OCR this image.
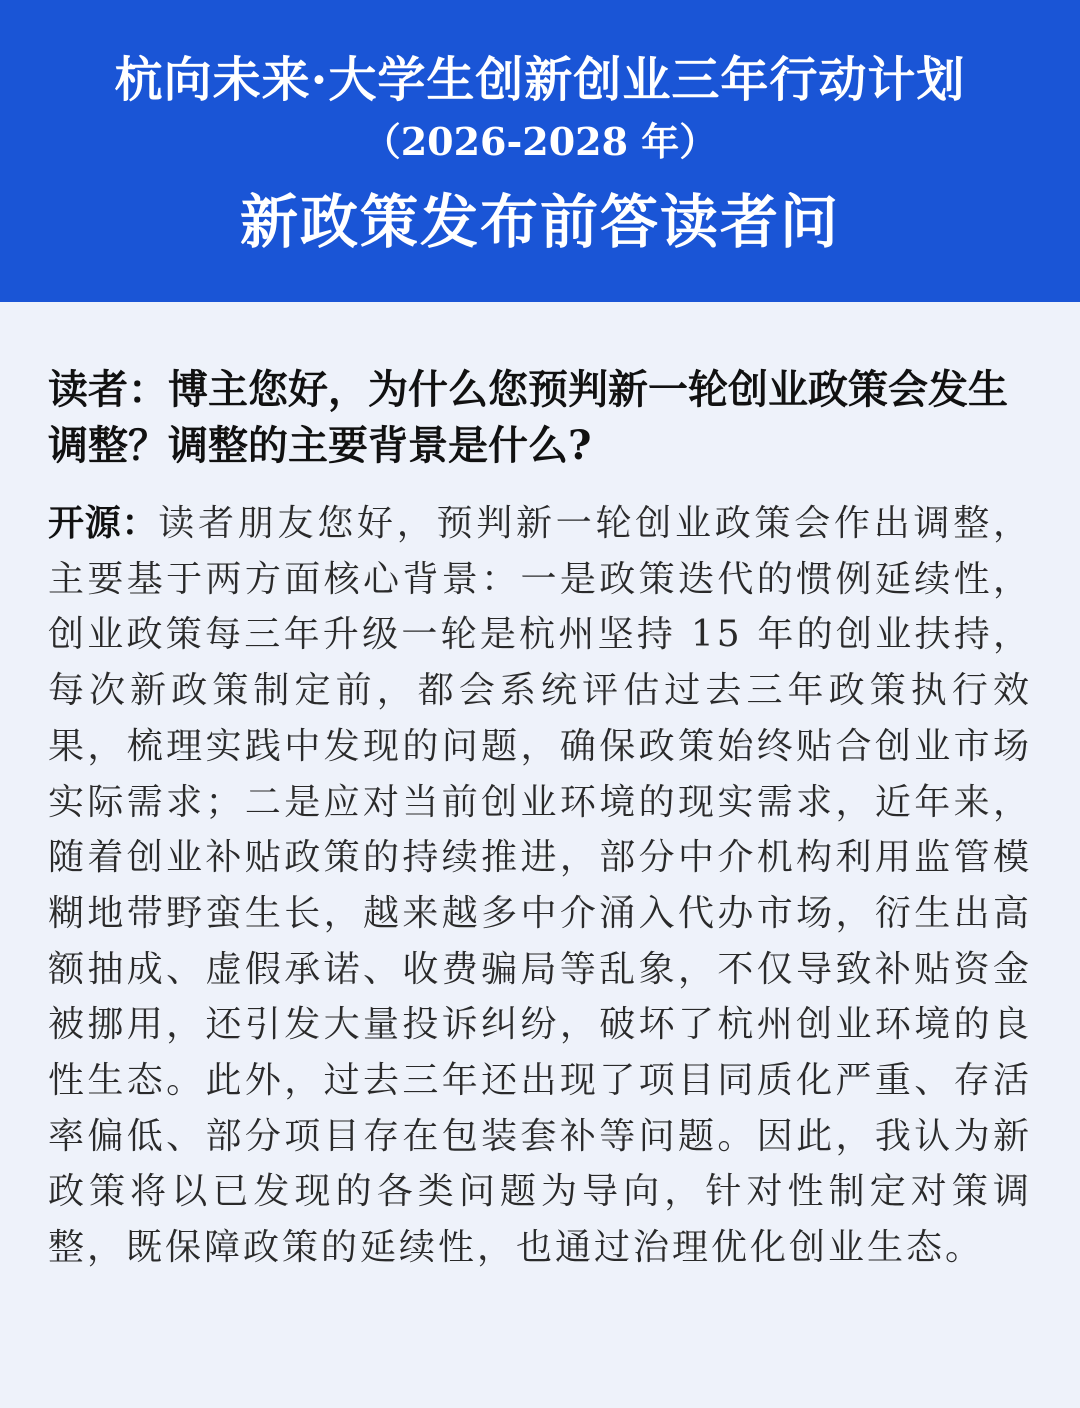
杭向未来·大学生创新创业三年行动计划
（2026-2028 年）
新政策发布前答读者问

读者：博主您好，为什么您预判新一轮创业政策会发生调整？调整的主要背景是什么?

开源：读者朋友您好，预判新一轮创业政策会作出调整，主要基于两方面核心背景：一是政策迭代的惯例延续性，创业政策每三年升级一轮是杭州坚持 15 年的创业扶持，每次新政策制定前，都会系统评估过去三年政策执行效果，梳理实践中发现的问题，确保政策始终贴合创业市场实际需求；二是应对当前创业环境的现实需求，近年来，随着创业补贴政策的持续推进，部分中介机构利用监管模糊地带野蛮生长，越来越多中介涌入代办市场，衍生出高额抽成、虚假承诺、收费骗局等乱象，不仅导致补贴资金被挪用，还引发大量投诉纠纷，破坏了杭州创业环境的良性生态。此外，过去三年还出现了项目同质化严重、存活率偏低、部分项目存在包装套补等问题。因此，我认为新政策将以已发现的各类问题为导向，针对性制定对策调整，既保障政策的延续性，也通过治理优化创业生态。
